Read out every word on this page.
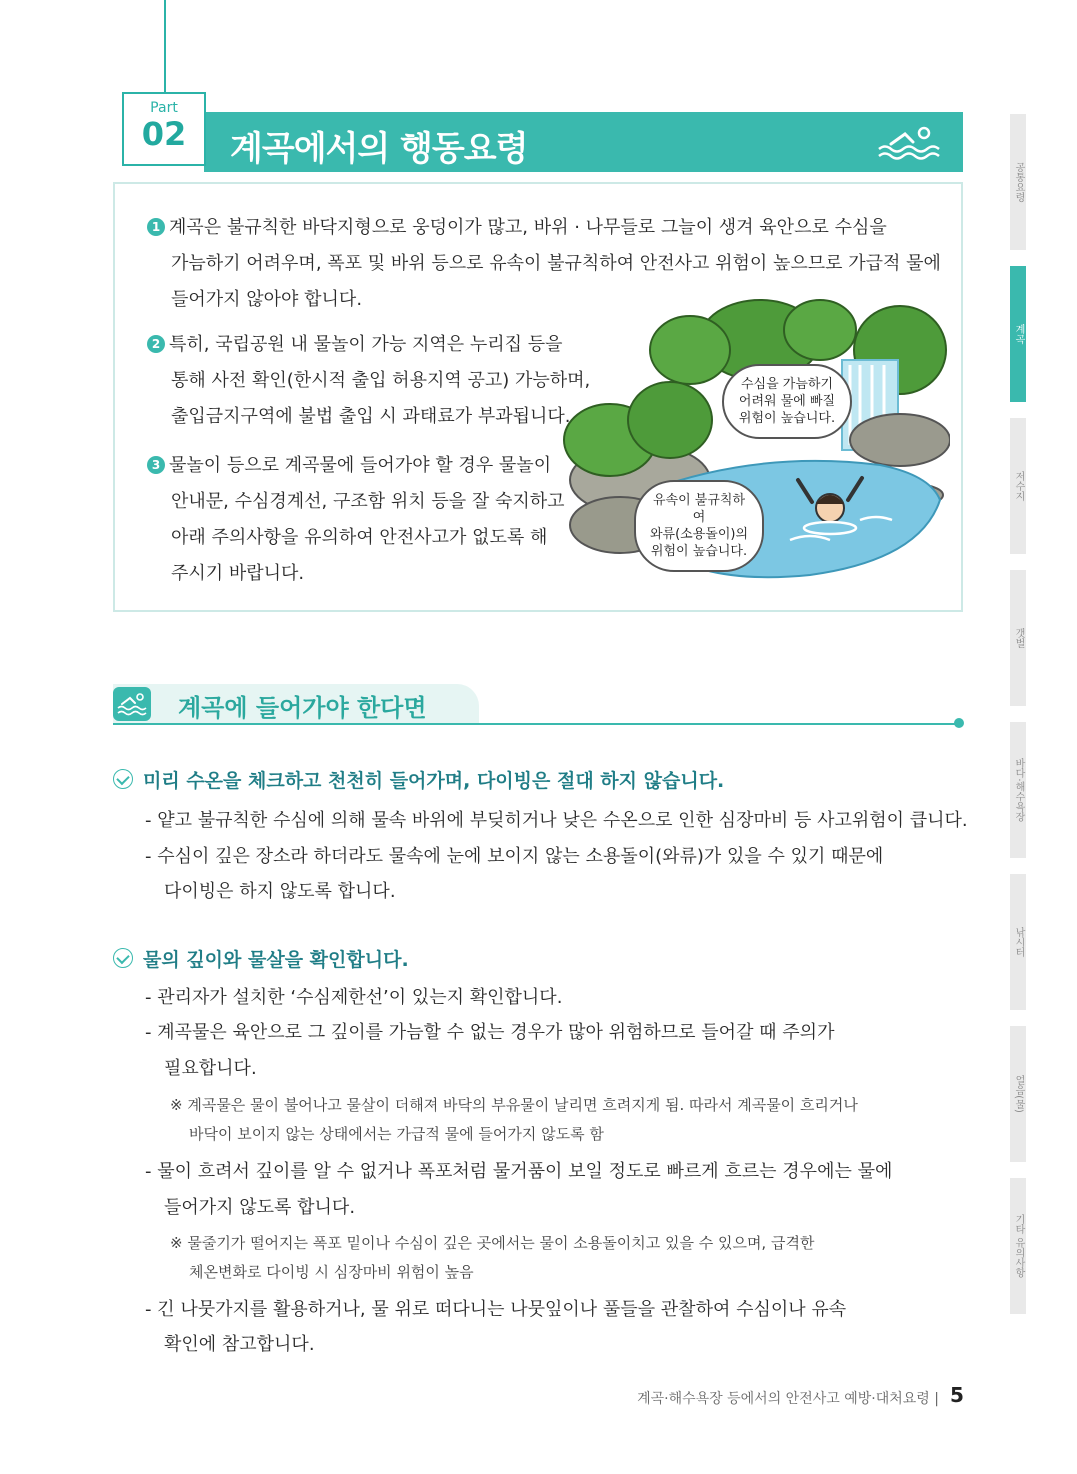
Part
02	계곡에서의 행동요령
1 계곡은 불규칙한 바닥지형으로 웅덩이가 많고, 바위 · 나무들로 그늘이 생겨 육안으로 수심을
가늠하기 어려우며, 폭포 및 바위 등으로 유속이 불규칙하여 안전사고 위험이 높으므로 가급적 물에
들어가지 않아야 합니다.
2 특히, 국립공원 내 물놀이 가능 지역은 누리집 등을
통해 사전 확인(한시적 출입 허용지역 공고) 가능하며,
출입금지구역에 불법 출입 시 과태료가 부과됩니다.
3 물놀이 등으로 계곡물에 들어가야 할 경우 물놀이
안내문, 수심경계선, 구조함 위치 등을 잘 숙지하고
아래 주의사항을 유의하여 안전사고가 없도록 해
주시기 바랍니다.
수심을 가늠하기
어려워 물에 빠질
위험이 높습니다.
유속이 불규칙하여
와류(소용돌이)의
위험이 높습니다.
계곡에 들어가야 한다면
미리 수온을 체크하고 천천히 들어가며, 다이빙은 절대 하지 않습니다.
- 얕고 불규칙한 수심에 의해 물속 바위에 부딪히거나 낮은 수온으로 인한 심장마비 등 사고위험이 큽니다.
- 수심이 깊은 장소라 하더라도 물속에 눈에 보이지 않는 소용돌이(와류)가 있을 수 있기 때문에
다이빙은 하지 않도록 합니다.
물의 깊이와 물살을 확인합니다.
- 관리자가 설치한 ‘수심제한선’이 있는지 확인합니다.
- 계곡물은 육안으로 그 깊이를 가늠할 수 없는 경우가 많아 위험하므로 들어갈 때 주의가
필요합니다.
※ 계곡물은 물이 불어나고 물살이 더해져 바닥의 부유물이 날리면 흐려지게 됨. 따라서 계곡물이 흐리거나
바닥이 보이지 않는 상태에서는 가급적 물에 들어가지 않도록 함
- 물이 흐려서 깊이를 알 수 없거나 폭포처럼 물거품이 보일 정도로 빠르게 흐르는 경우에는 물에
들어가지 않도록 합니다.
※ 물줄기가 떨어지는 폭포 밑이나 수심이 깊은 곳에서는 물이 소용돌이치고 있을 수 있으며, 급격한
체온변화로 다이빙 시 심장마비 위험이 높음
- 긴 나뭇가지를 활용하거나, 물 위로 떠다니는 나뭇잎이나 풀들을 관찰하여 수심이나 유속
확인에 참고합니다.
공통요령
계곡
저수지
갯벌
바다·해수욕장
낚시터
얼음(물)
기타 유의사항
계곡·해수욕장 등에서의 안전사고 예방·대처요령 | 5
